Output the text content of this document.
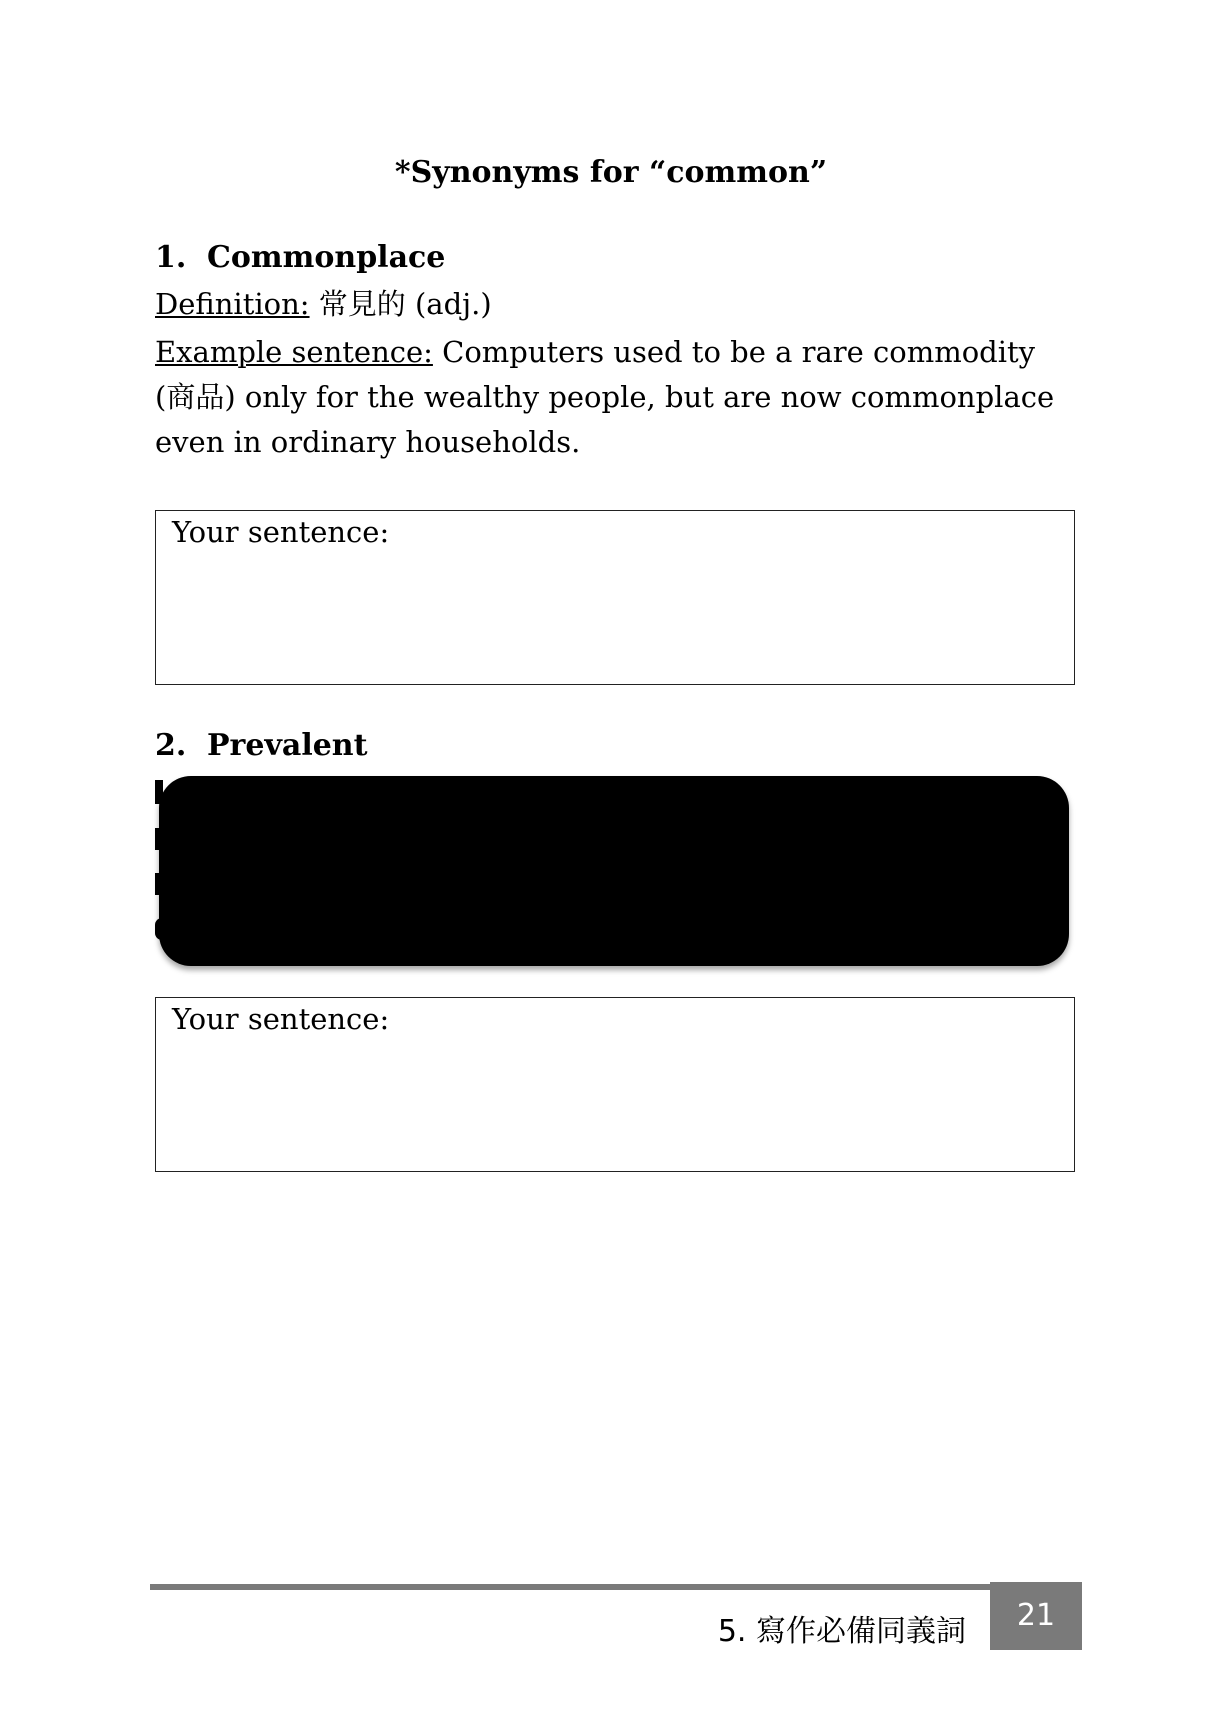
*Synonyms for “common”
1. Commonplace
Definition: 常見的 (adj.)
Example sentence: Computers used to be a rare commodity (商品) only for the wealthy people, but are now commonplace even in ordinary households.
Your sentence:
2. Prevalent
Your sentence:
5. 寫作必備同義詞	21
